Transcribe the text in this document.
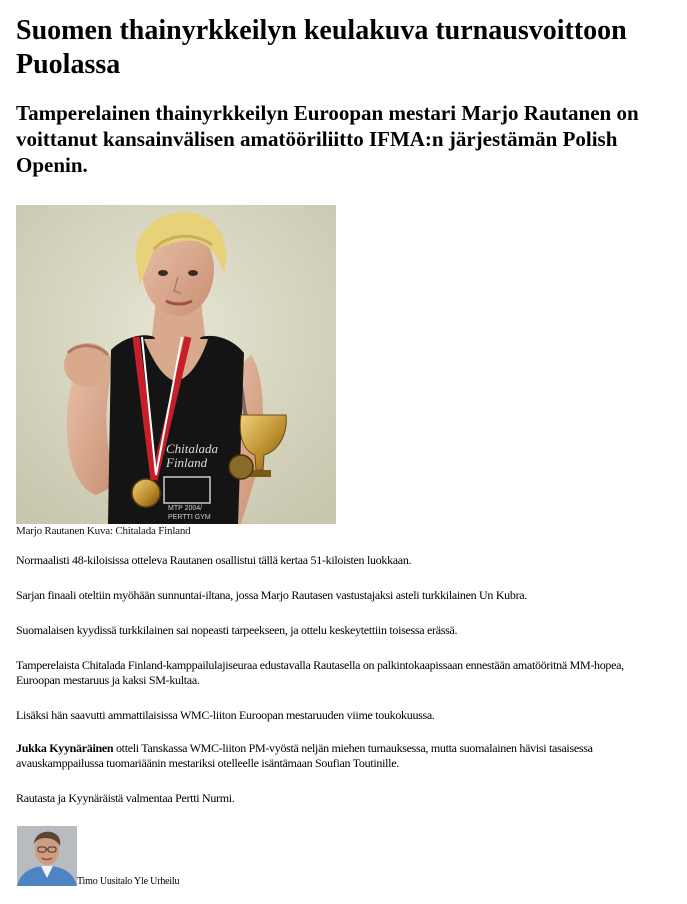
Suomen thainyrkkeilyn keulakuva turnausvoittoon Puolassa
Tamperelainen thainyrkkeilyn Euroopan mestari Marjo Rautanen on voittanut kansainvälisen amatööriliitto IFMA:n järjestämän Polish Openin.
Chitalada
Finland
MTP 2004/
PERTTI GYM
Marjo Rautanen Kuva: Chitalada Finland

Normaalisti 48-kiloisissa otteleva Rautanen osallistui tällä kertaa 51-kiloisten luokkaan.

Sarjan finaali oteltiin myöhään sunnuntai-iltana, jossa Marjo Rautasen vastustajaksi asteli turkkilainen Un Kubra.

Suomalaisen kyydissä turkkilainen sai nopeasti tarpeekseen, ja ottelu keskeytettiin toisessa erässä.

Tamperelaista Chitalada Finland-kamppailulajiseuraa edustavalla Rautasella on palkintokaapissaan ennestään amatööritnä MM-hopea, Euroopan mestaruus ja kaksi SM-kultaa.

Lisäksi hän saavutti ammattilaisissa WMC-liiton Euroopan mestaruuden viime toukokuussa.

Jukka Kyynäräinen otteli Tanskassa WMC-liiton PM-vyöstä neljän miehen turnauksessa, mutta suomalainen hävisi tasaisessa avauskamppailussa tuomariäänin mestariksi otelleelle isäntämaan Soufian Toutinille.

Rautasta ja Kyynäräistä valmentaa Pertti Nurmi.

Timo Uusitalo Yle Urheilu
